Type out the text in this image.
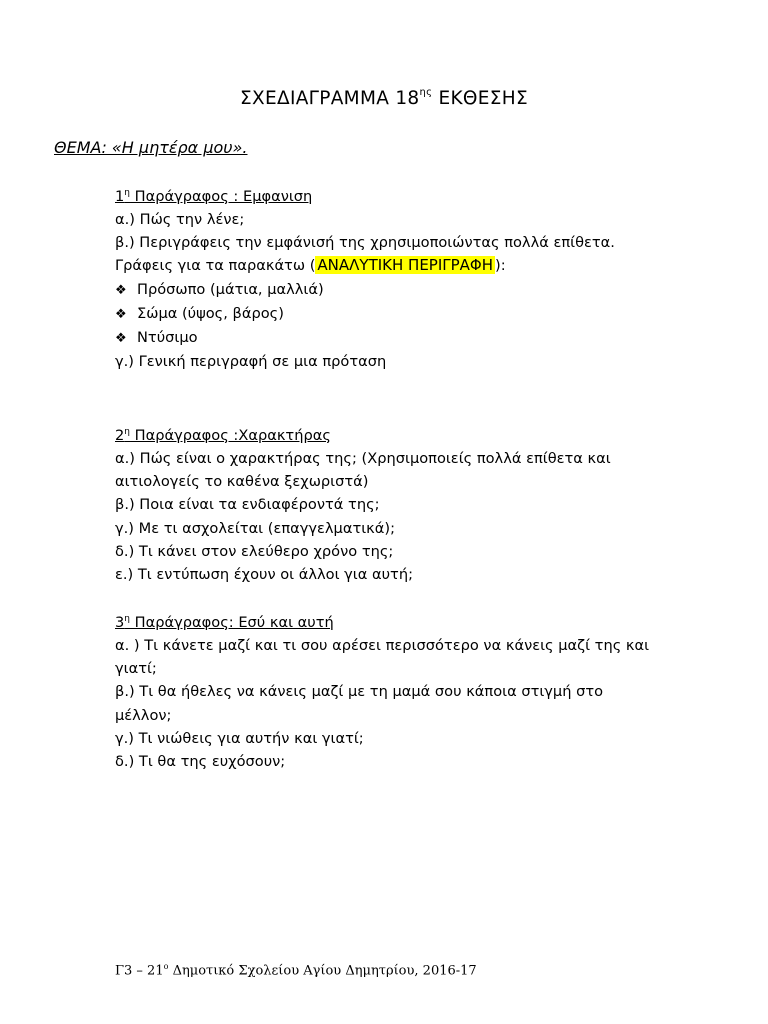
ΣΧΕΔΙΑΓΡΑΜΜΑ $18^{\eta\varsigma}$ ΕΚΘΕΣΗΣ
ΘΕΜΑ: «Η μητέρα μου».
$1^\eta$ Παράγραφος : Εμφανιση
α.) Πώς την λένε;
β.) Περιγράφεις την εμφάνισή της χρησιμοποιώντας πολλά επίθετα.
Γράφεις για τα παρακάτω ( ΑΝΑΛΥΤΙΚΗ ΠΕΡΙΓΡΑΦΗ ):
❖ Πρόσωπο (μάτια, μαλλιά)
❖ Σώμα (ύψος, βάρος)
❖ Ντύσιμο
γ.) Γενική περιγραφή σε μια πρόταση
$2^\eta$ Παράγραφος :Χαρακτήρας
α.) Πώς είναι ο χαρακτήρας της; (Χρησιμοποιείς πολλά επίθετα και
αιτιολογείς το καθένα ξεχωριστά)
β.) Ποια είναι τα ενδιαφέροντά της;
γ.) Με τι ασχολείται (επαγγελματικά);
δ.) Τι κάνει στον ελεύθερο χρόνο της;
ε.) Τι εντύπωση έχουν οι άλλοι για αυτή;
$3^\eta$ Παράγραφος: Εσύ και αυτή
α. ) Τι κάνετε μαζί και τι σου αρέσει περισσότερο να κάνεις μαζί της και
γιατί;
β.) Τι θα ήθελες να κάνεις μαζί με τη μαμά σου κάποια στιγμή στο
μέλλον;
γ.) Τι νιώθεις για αυτήν και γιατί;
δ.) Τι θα της ευχόσουν;
$\Gamma 3 - 21^o$ Δημοτικό Σχολείου Αγίου Δημητρίου, 2016-17
